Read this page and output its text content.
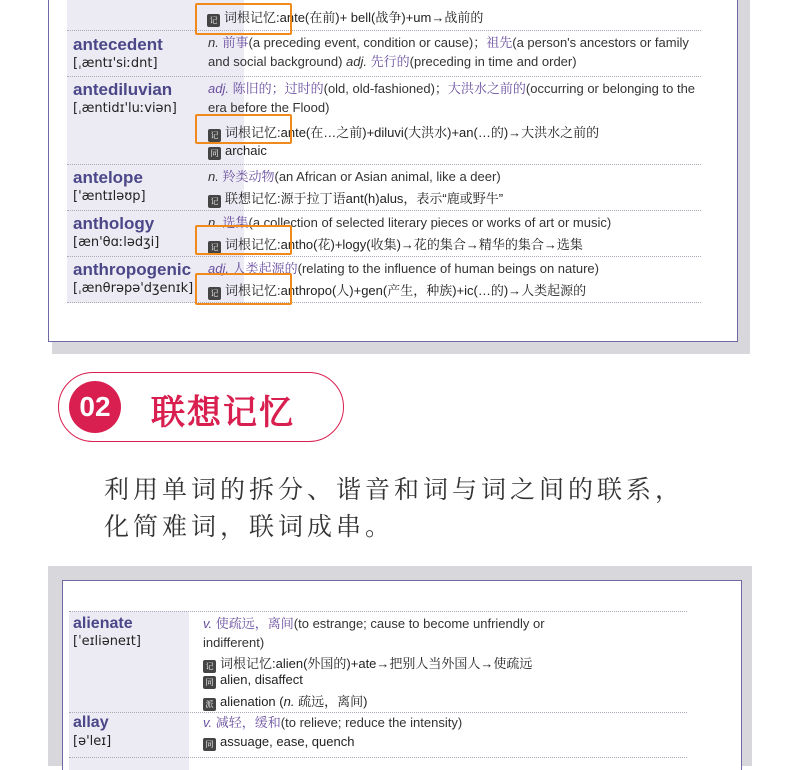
记 词根记忆:ante(在前)+ bell(战争)+um→战前的
antecedent
[ˌæntɪ'siːdnt]
n. 前事(a preceding event, condition or cause)；祖先(a person's ancestors or family and social background) adj. 先行的(preceding in time and order)
antediluvian
[ˌæntidɪ'luːviən]
adj. 陈旧的；过时的(old, old-fashioned)；大洪水之前的(occurring or belonging to the era before the Flood)
记 词根记忆:ante(在…之前)+diluvi(大洪水)+an(…的)→大洪水之前的
同 archaic
antelope
['æntɪləʊp]
n. 羚类动物(an African or Asian animal, like a deer)
记 联想记忆:源于拉丁语ant(h)alus，表示“鹿或野牛”
anthology
[æn'θɑːlədʒi]
n. 选集(a collection of selected literary pieces or works of art or music)
记 词根记忆:antho(花)+logy(收集)→花的集合→精华的集合→选集
anthropogenic
[ˌænθrəpə'dʒenɪk]
adj. 人类起源的(relating to the influence of human beings on nature)
记 词根记忆:anthropo(人)+gen(产生，种族)+ic(…的)→人类起源的
02	联想记忆
利用单词的拆分、谐音和词与词之间的联系，
化简难词，联词成串。
alienate
[ˈeɪliəneɪt]
v. 使疏远，离间(to estrange; cause to become unfriendly or indifferent)
记 词根记忆:alien(外国的)+ate→把别人当外国人→使疏远
同 alien, disaffect
派 alienation (n. 疏远，离间)
allay
[ə'leɪ]
v. 减轻，缓和(to relieve; reduce the intensity)
同 assuage, ease, quench
